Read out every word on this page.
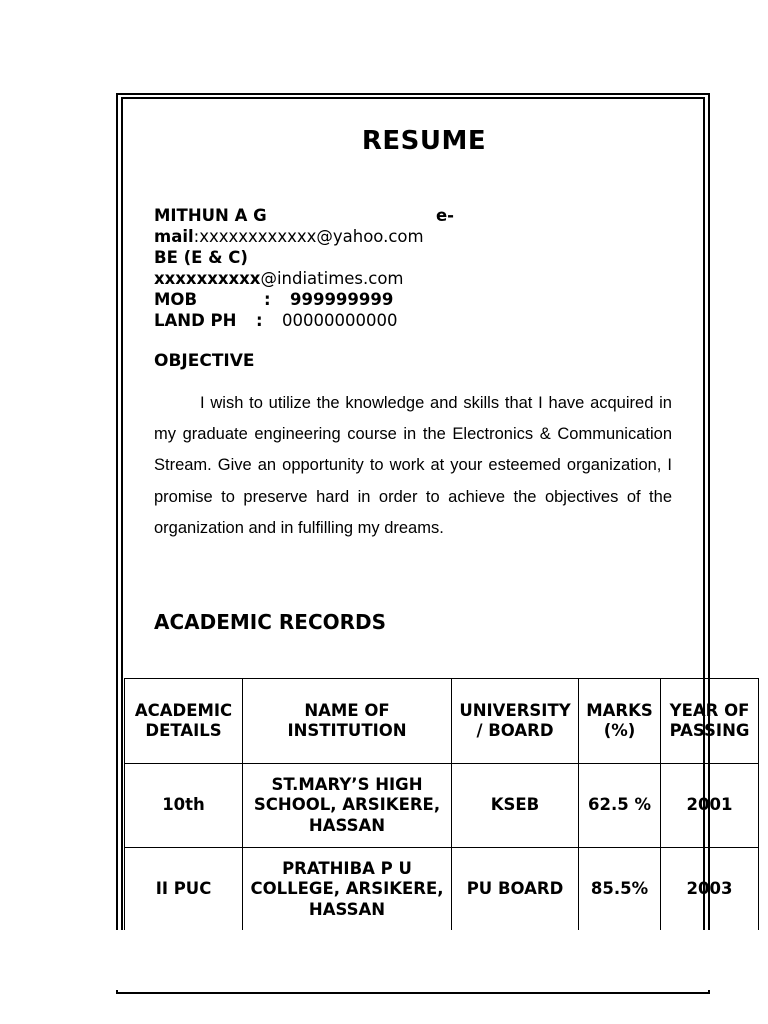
RESUME
MITHUN A G	e-
mail:xxxxxxxxxxxx@yahoo.com
BE (E & C)
xxxxxxxxxx@indiatimes.com
MOB	: 999999999
LAND PH : 00000000000
OBJECTIVE
I wish to utilize the knowledge and skills that I have acquired in my graduate engineering course in the Electronics & Communication Stream. Give an opportunity to work at your esteemed organization, I promise to preserve hard in order to achieve the objectives of the organization and in fulfilling my dreams.
ACADEMIC RECORDS
ACADEMIC DETAILS	NAME OF INSTITUTION	UNIVERSITY / BOARD	MARKS (%)	YEAR OF PASSING
10th	ST.MARY’S HIGH SCHOOL, ARSIKERE, HASSAN	KSEB	62.5 %	2001
II PUC	PRATHIBA P U COLLEGE, ARSIKERE, HASSAN	PU BOARD	85.5%	2003
